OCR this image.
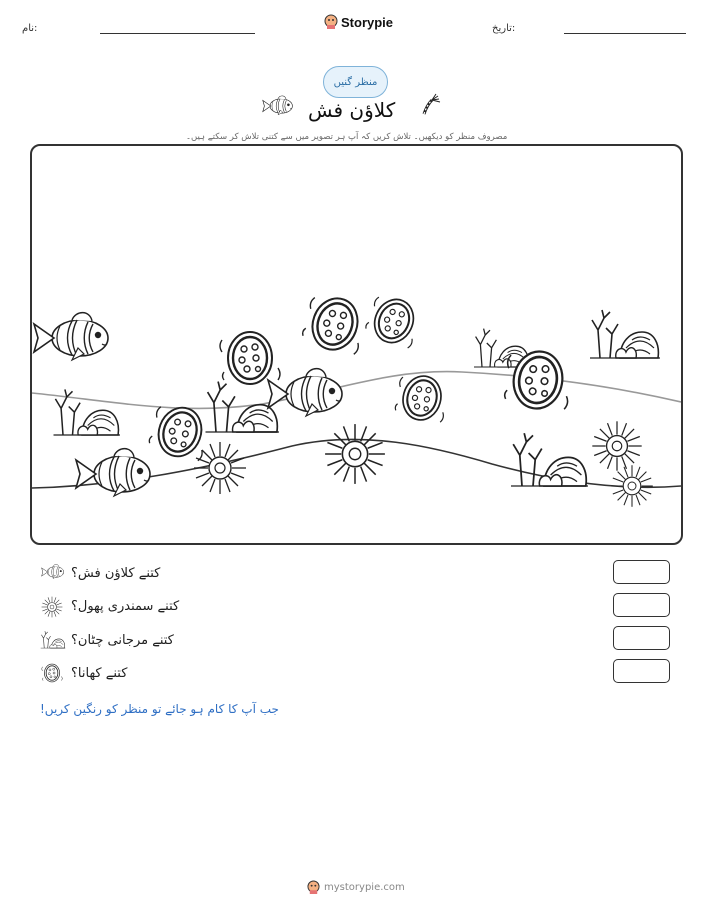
نام:	Storypie	تاریخ:
منظر گنیں
کلاؤن فش
مصروف منظر کو دیکھیں۔ تلاش کریں کہ آپ ہر تصویر میں سے کتنی تلاش کر سکتے ہیں۔
کتنے کلاؤن فش؟
کتنے سمندری پھول؟
کتنے مرجانی چٹان؟
کتنے کھانا؟
جب آپ کا کام ہو جائے تو منظر کو رنگین کریں!
mystorypie.com
